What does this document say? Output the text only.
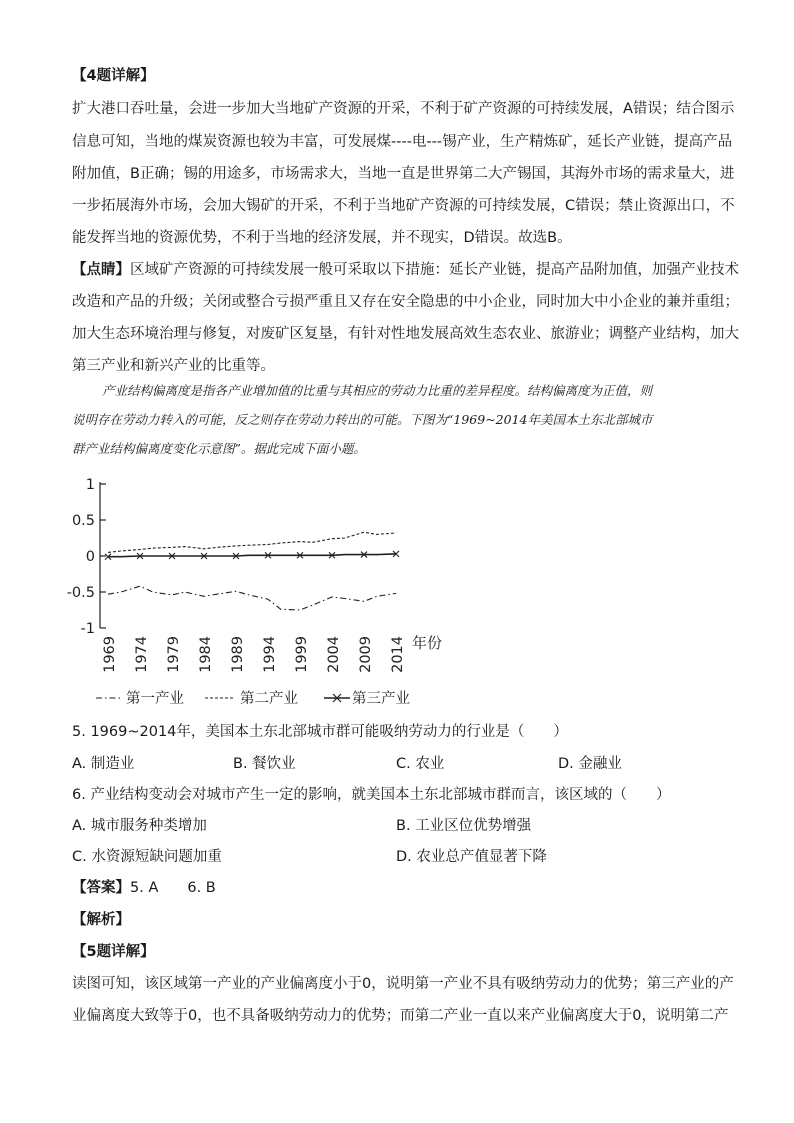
【4题详解】
扩大港口吞吐量，会进一步加大当地矿产资源的开采，不利于矿产资源的可持续发展，A错误；结合图示
信息可知，当地的煤炭资源也较为丰富，可发展煤----电---锡产业，生产精炼矿，延长产业链，提高产品
附加值，B正确；锡的用途多，市场需求大，当地一直是世界第二大产锡国，其海外市场的需求量大，进
一步拓展海外市场，会加大锡矿的开采，不利于当地矿产资源的可持续发展，C错误；禁止资源出口，不
能发挥当地的资源优势，不利于当地的经济发展，并不现实，D错误。故选B。
【点睛】区域矿产资源的可持续发展一般可采取以下措施：延长产业链，提高产品附加值，加强产业技术
改造和产品的升级；关闭或整合亏损严重且又存在安全隐患的中小企业，同时加大中小企业的兼并重组；
加大生态环境治理与修复，对废矿区复垦，有针对性地发展高效生态农业、旅游业；调整产业结构，加大
第三产业和新兴产业的比重等。
产业结构偏离度是指各产业增加值的比重与其相应的劳动力比重的差异程度。结构偏离度为正值，则
说明存在劳动力转入的可能，反之则存在劳动力转出的可能。下图为“1969~2014年美国本土东北部城市
群产业结构偏离度变化示意图”。据此完成下面小题。
1
0.5
0
-0.5
-1
1969 1974 1979 1984 1989 1994 1999 2004 2009 2014 年份
第一产业	第二产业	第三产业
5. 1969~2014年，美国本土东北部城市群可能吸纳劳动力的行业是（　　）
A. 制造业	B. 餐饮业	C. 农业	D. 金融业
6. 产业结构变动会对城市产生一定的影响，就美国本土东北部城市群而言，该区域的（　　）
A. 城市服务种类增加	B. 工业区位优势增强
C. 水资源短缺问题加重	D. 农业总产值显著下降
【答案】5. A　　6. B
【解析】
【5题详解】
读图可知，该区域第一产业的产业偏离度小于0，说明第一产业不具有吸纳劳动力的优势；第三产业的产
业偏离度大致等于0，也不具备吸纳劳动力的优势；而第二产业一直以来产业偏离度大于0，说明第二产
